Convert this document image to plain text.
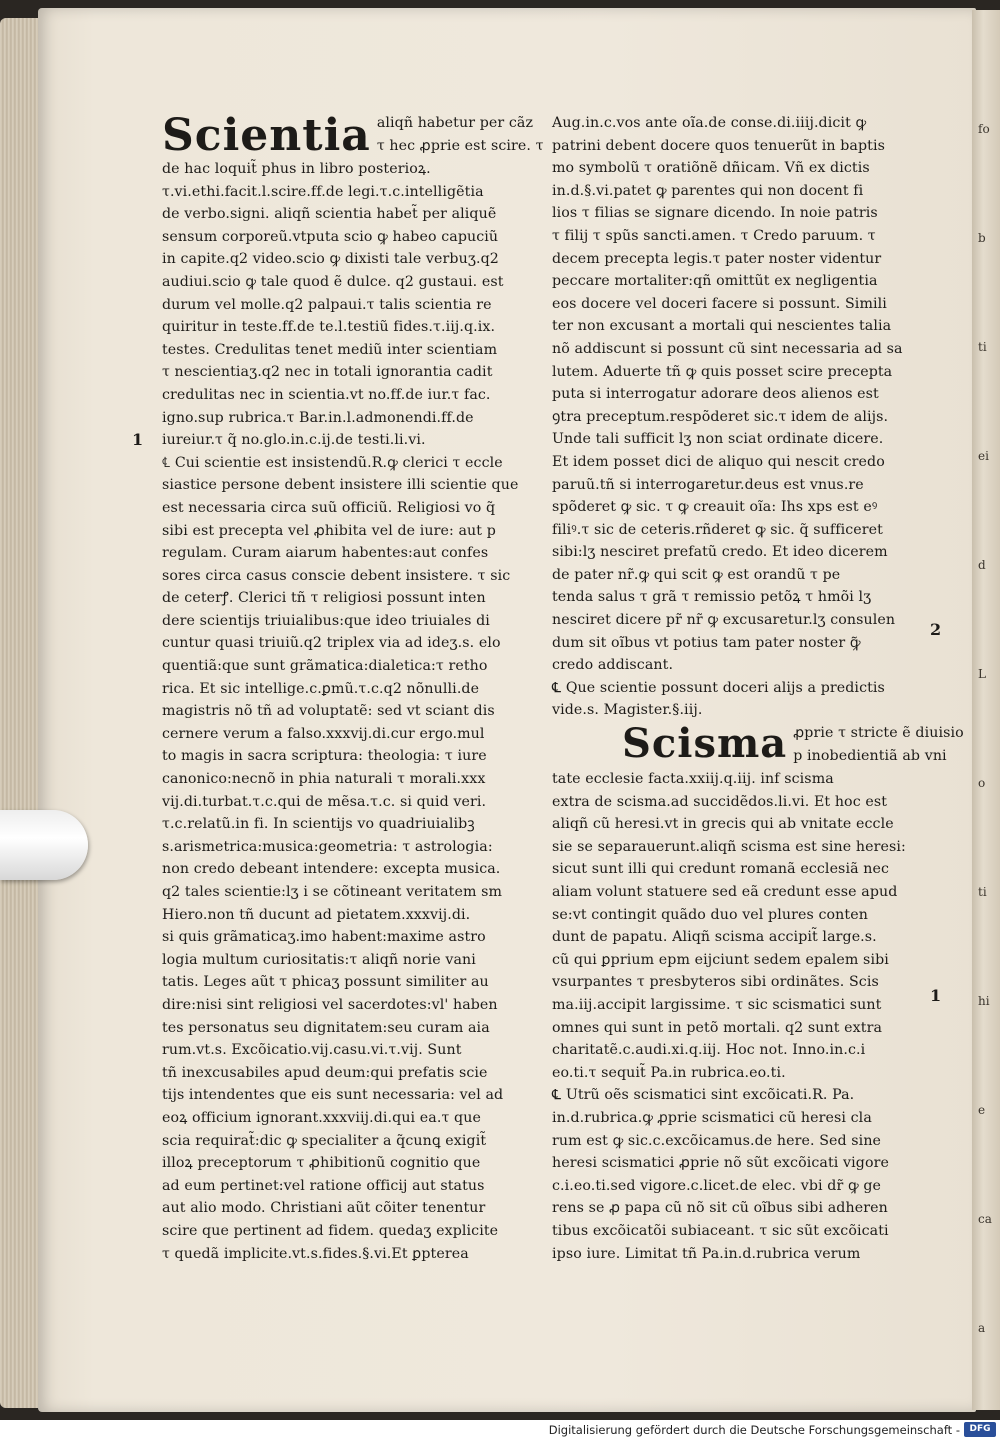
fo
b
ti
ei
d
L
o
ti
hi
e
ca
a
Scientia aliqñ habetur per cãz
τ hec ꝓprie est scire. τ
de hac loquit̃ phus in libro posterioꝝ.
τ.vi.ethi.facit.l.scire.ff.de legi.τ.c.intelligẽtia
de verbo.signi. aliqñ scientia habet̃ per aliquẽ
sensum corporeũ.vtputa scio ꝙ habeo capuciũ
in capite.q2 video.scio ꝙ dixisti tale verbuʒ.q2
audiui.scio ꝙ tale quod ẽ dulce. q2 gustaui. est
durum vel molle.q2 palpaui.τ talis scientia re
quiritur in teste.ff.de te.l.testiũ fides.τ.iij.q.ix.
testes. Credulitas tenet mediũ inter scientiam
τ nescientiaʒ.q2 nec in totali ignorantia cadit
credulitas nec in scientia.vt no.ff.de iur.τ fac.
igno.sup rubrica.τ Bar.in.l.admonendi.ff.de
iureiur.τ q̃ no.glo.in.c.ij.de testi.li.vi.
℄ Cui scientie est insistendũ.R.ꝙ clerici τ eccle
siastice persone debent insistere illi scientie que
est necessaria circa suũ officiũ. Religiosi vo q̃
sibi est precepta vel ꝓhibita vel de iure: aut p
regulam. Curam aiarum habentes:aut confes
sores circa casus conscie debent insistere. τ sic
de ceterꝭ. Clerici tñ τ religiosi possunt inten
dere scientijs triuialibus:que ideo triuiales di
cuntur quasi triuiũ.q2 triplex via ad ideʒ.s. elo
quentiã:que sunt grãmatica:dialetica:τ retho
rica. Et sic intellige.c.ꝑmũ.τ.c.q2 nõnulli.de
magistris nõ tñ ad voluptatẽ: sed vt sciant dis
cernere verum a falso.xxxvij.di.cur ergo.mul
to magis in sacra scriptura: theologia: τ iure
canonico:necnõ in phia naturali τ morali.xxx
vij.di.turbat.τ.c.qui de mẽsa.τ.c. si quid veri.
τ.c.relatũ.in fi. In scientijs vo quadriuialibꝫ
s.arismetrica:musica:geometria: τ astrologia:
non credo debeant intendere: excepta musica.
q2 tales scientie:lʒ i se cõtineant veritatem sm
Hiero.non tñ ducunt ad pietatem.xxxvij.di.
si quis grãmaticaʒ.imo habent:maxime astro
logia multum curiositatis:τ aliqñ norie vani
tatis. Leges aũt τ phicaʒ possunt similiter au
dire:nisi sint religiosi vel sacerdotes:vl' haben
tes personatus seu dignitatem:seu curam aia
rum.vt.s. Excõicatio.vij.casu.vi.τ.vij. Sunt
tñ inexcusabiles apud deum:qui prefatis scie
tijs intendentes que eis sunt necessaria: vel ad
eoꝝ officium ignorant.xxxviij.di.qui ea.τ que
scia requirat̃:dic ꝙ specialiter a q̃cunꝗ exigit̃
illoꝝ preceptorum τ ꝓhibitionũ cognitio que
ad eum pertinet:vel ratione officij aut status
aut alio modo. Christiani aũt cõiter tenentur
scire que pertinent ad fidem. quedaʒ explicite
τ quedã implicite.vt.s.fides.§.vi.Et ꝑpterea
Aug.in.c.vos ante oĩa.de conse.di.iiij.dicit ꝙ
patrini debent docere quos tenuerũt in baptis
mo symbolũ τ oratiõnẽ dñicam. Vñ ex dictis
in.d.§.vi.patet ꝙ parentes qui non docent fi
lios τ filias se signare dicendo. In noie patris
τ filij τ spũs sancti.amen. τ Credo paruum. τ
decem precepta legis.τ pater noster videntur
peccare mortaliter:qñ omittũt ex negligentia
eos docere vel doceri facere si possunt. Simili
ter non excusant a mortali qui nescientes talia
nõ addiscunt si possunt cũ sint necessaria ad sa
lutem. Aduerte tñ ꝙ quis posset scire precepta
puta si interrogatur adorare deos alienos est
ꝯtra preceptum.respõderet sic.τ idem de alijs.
Unde tali sufficit lʒ non sciat ordinate dicere.
Et idem posset dici de aliquo qui nescit credo
paruũ.tñ si interrogaretur.deus est vnus.re
spõderet ꝙ sic. τ ꝙ creauit oĩa: Ihs xps est eꝰ
filiꝰ.τ sic de ceteris.rñderet ꝙ sic. q̃ sufficeret
sibi:lʒ nesciret prefatũ credo. Et ideo dicerem
de pater nr̃.ꝙ qui scit ꝙ est orandũ τ pe
tenda salus τ grã τ remissio petõꝝ τ hmõi lʒ
nesciret dicere pr̃ nr̃ ꝙ excusaretur.lʒ consulen
dum sit oĩbus vt potius tam pater noster ꝙ̃
credo addiscant.
℄ Que scientie possunt doceri alijs a predictis
vide.s. Magister.§.iij.
Scisma ꝓprie τ stricte ẽ diuisio
p inobedientiã ab vni
tate ecclesie facta.xxiij.q.iij. inf scisma
extra de scisma.ad succidẽdos.li.vi. Et hoc est
aliqñ cũ heresi.vt in grecis qui ab vnitate eccle
sie se separauerunt.aliqñ scisma est sine heresi:
sicut sunt illi qui credunt romanã ecclesiã nec
aliam volunt statuere sed eã credunt esse apud
se:vt contingit quãdo duo vel plures conten
dunt de papatu. Aliqñ scisma accipit̃ large.s.
cũ qui ꝑprium epm eijciunt sedem epalem sibi
vsurpantes τ presbyteros sibi ordinãtes. Scis
ma.iij.accipit largissime. τ sic scismatici sunt
omnes qui sunt in petõ mortali. q2 sunt extra
charitatẽ.c.audi.xi.q.iij. Hoc not. Inno.in.c.i
eo.ti.τ sequit̃ Pa.in rubrica.eo.ti.
℄ Utrũ oẽs scismatici sint excõicati.R. Pa.
in.d.rubrica.ꝙ ꝓprie scismatici cũ heresi cla
rum est ꝙ sic.c.excõicamus.de here. Sed sine
heresi scismatici ꝓprie nõ sũt excõicati vigore
c.i.eo.ti.sed vigore.c.licet.de elec. vbi dr̃ ꝙ ge
rens se ꝓ papa cũ nõ sit cũ oĩbus sibi adheren
tibus excõicatõi subiaceant. τ sic sũt excõicati
ipso iure. Limitat tñ Pa.in.d.rubrica verum
1
2
1
Digitalisierung gefördert durch die Deutsche Forschungsgemeinschaft -	DFG
